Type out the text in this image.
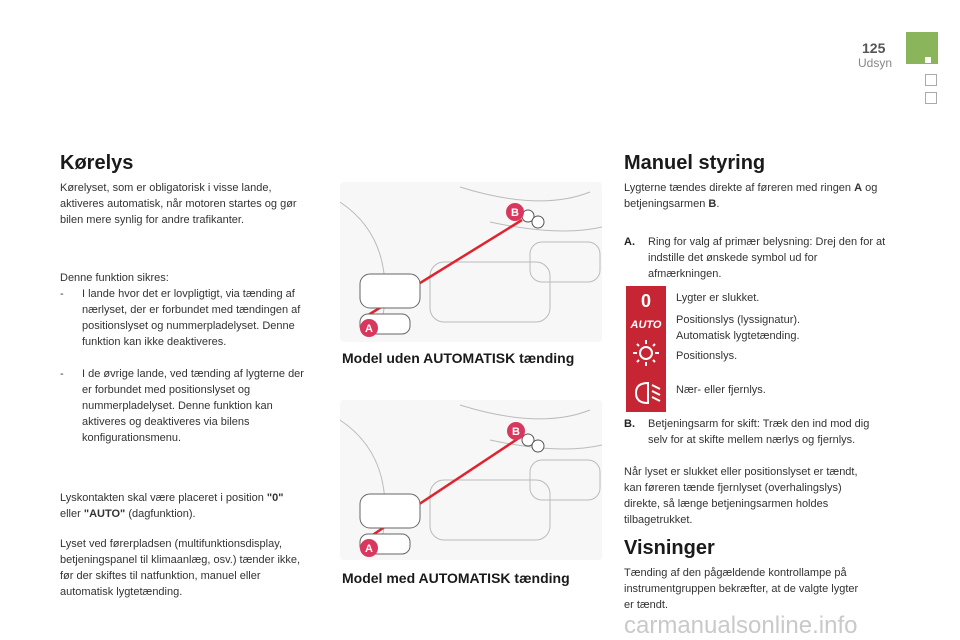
125
Udsyn
Kørelys

Kørelyset, som er obligatorisk i visse lande, aktiveres automatisk, når motoren startes og gør bilen mere synlig for andre trafikanter.

Denne funktion sikres:

- I lande hvor det er lovpligtigt, via tænding af nærlyset, der er forbundet med tændingen af positionslyset og nummerpladelyset. Denne funktion kan ikke deaktiveres.
- I de øvrige lande, ved tænding af lygterne der er forbundet med positionslyset og nummerpladelyset. Denne funktion kan aktiveres og deaktiveres via bilens konfigurationsmenu.

Lyskontakten skal være placeret i position "0"
eller "AUTO" (dagfunktion).

Lyset ved førerpladsen (multifunktionsdisplay, betjeningspanel til klimaanlæg, osv.) tænder ikke, før der skiftes til natfunktion, manuel eller automatisk lygtetænding.

B
A
Model uden AUTOMATISK tænding
B
A
Model med AUTOMATISK tænding
Manuel styring

Lygterne tændes direkte af føreren med ringen A og betjeningsarmen B.

A. Ring for valg af primær belysning: Drej den for at indstille det ønskede symbol ud for afmærkningen.

0
AUTO

Lygter er slukket.

Positionslys (lyssignatur). Automatisk lygtetænding.

Positionslys.

Nær- eller fjernlys.

B. Betjeningsarm for skift: Træk den ind mod dig selv for at skifte mellem nærlys og fjernlys.

Når lyset er slukket eller positionslyset er tændt, kan føreren tænde fjernlyset (overhalingslys) direkte, så længe betjeningsarmen holdes tilbagetrukket.

Visninger

Tænding af den pågældende kontrollampe på instrumentgruppen bekræfter, at de valgte lygter er tændt.

carmanualsonline.info
